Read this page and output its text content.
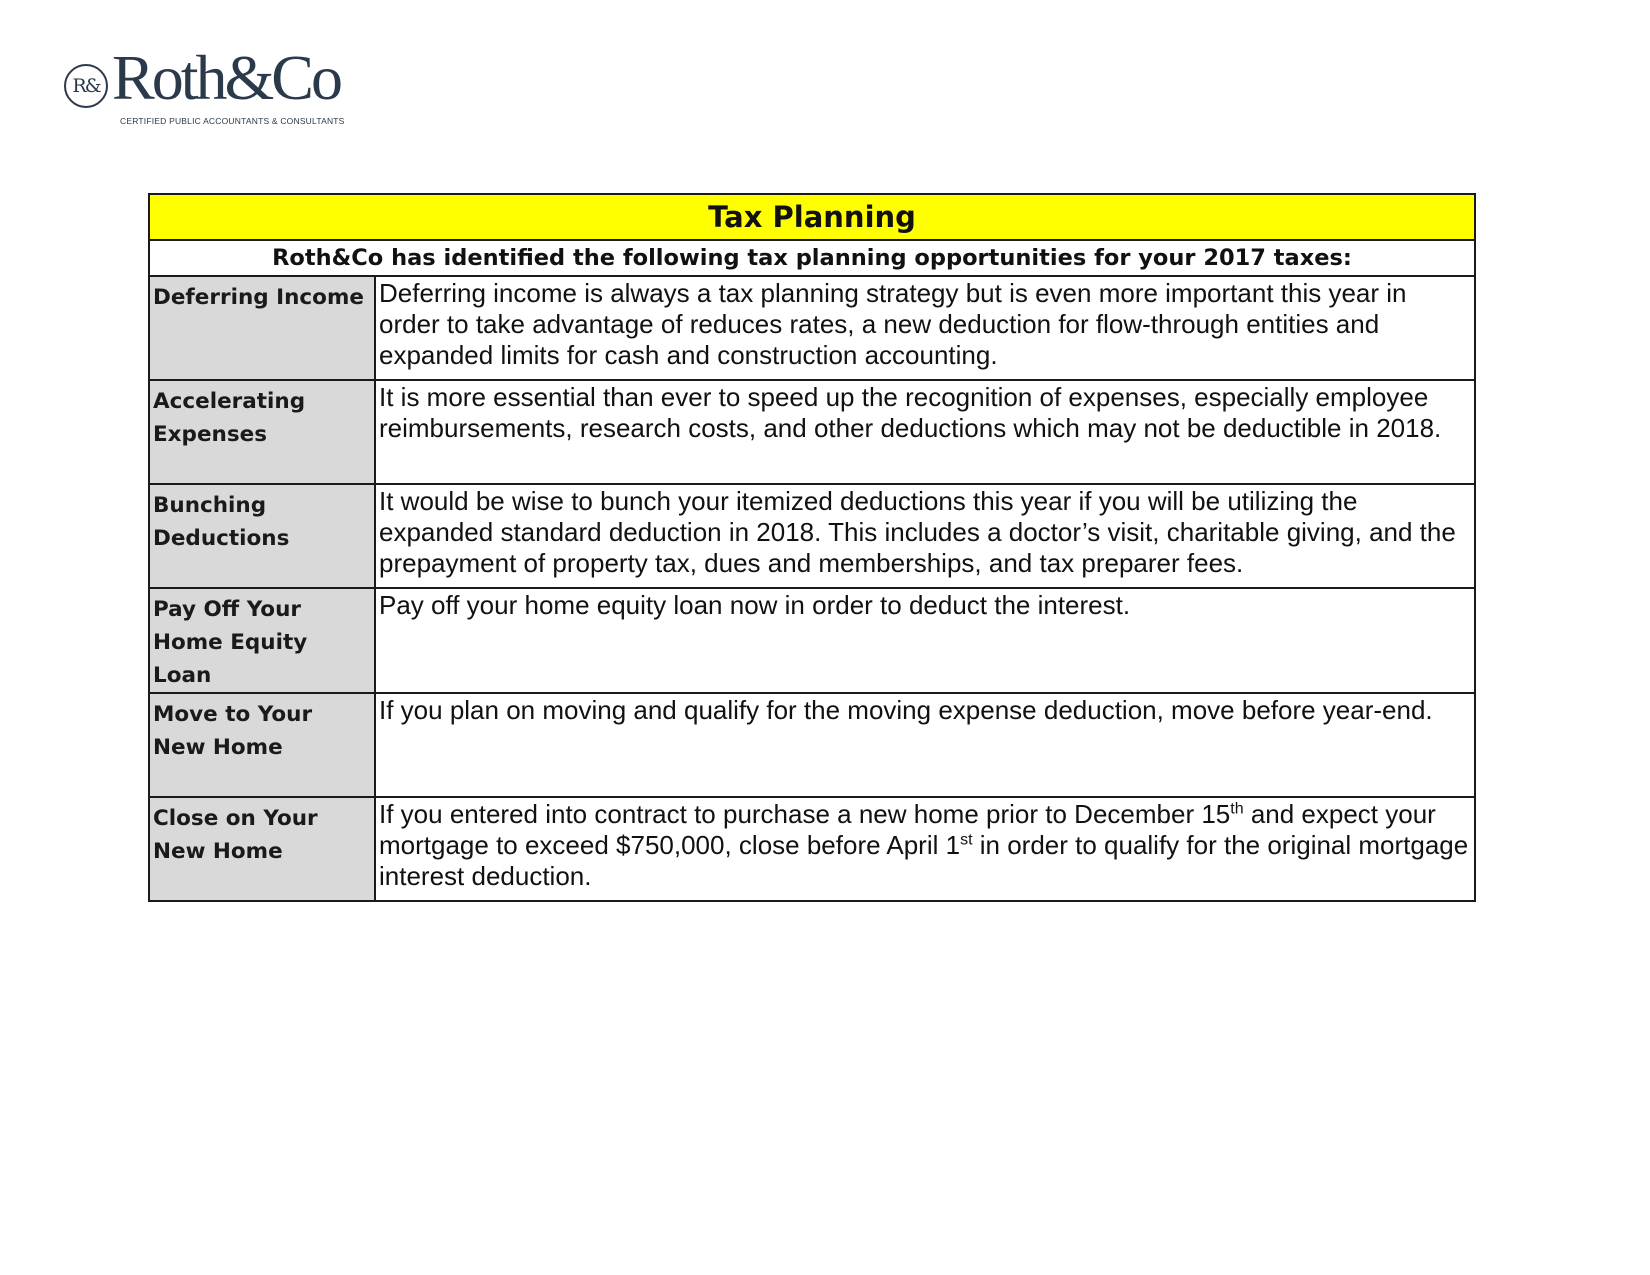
R& Roth&Co
CERTIFIED PUBLIC ACCOUNTANTS & CONSULTANTS
Tax Planning	
Roth&Co has identified the following tax planning opportunities for your 2017 taxes:	
Deferring Income	Deferring income is always a tax planning strategy but is even more important this year in order to take advantage of reduces rates, a new deduction for flow-through entities and expanded limits for cash and construction accounting.
Accelerating Expenses	It is more essential than ever to speed up the recognition of expenses, especially employee reimbursements, research costs, and other deductions which may not be deductible in 2018.
Bunching Deductions	It would be wise to bunch your itemized deductions this year if you will be utilizing the expanded standard deduction in 2018. This includes a doctor’s visit, charitable giving, and the prepayment of property tax, dues and memberships, and tax preparer fees.
Pay Off Your Home Equity Loan	Pay off your home equity loan now in order to deduct the interest.
Move to Your New Home	If you plan on moving and qualify for the moving expense deduction, move before year-end.
Close on Your New Home	If you entered into contract to purchase a new home prior to December 15th and expect your mortgage to exceed $750,000, close before April 1st in order to qualify for the original mortgage interest deduction.
